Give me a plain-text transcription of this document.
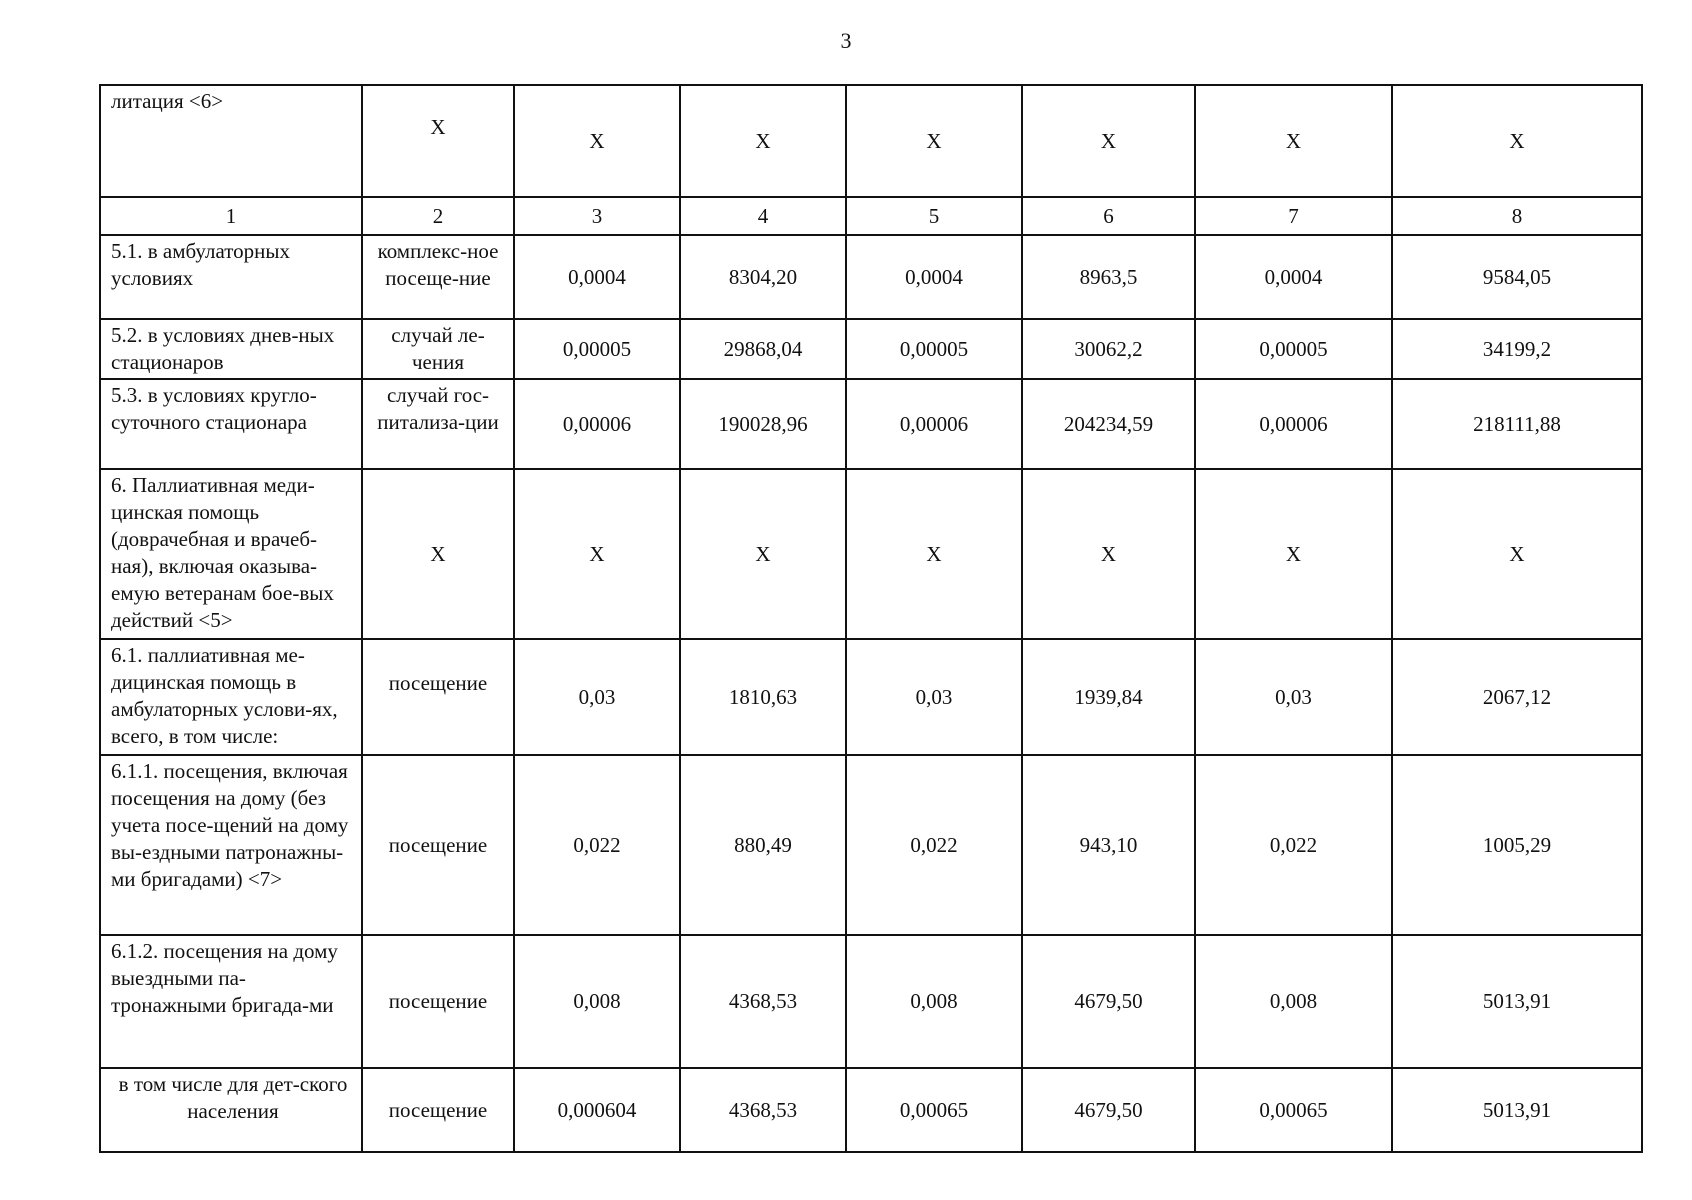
3
литация <6>	X	X	X	X	X	X	X
1	2	3	4	5	6	7	8
5.1. в амбулаторных условиях	комплекс-ное посеще-ние	0,0004	8304,20	0,0004	8963,5	0,0004	9584,05
5.2. в условиях днев-ных стационаров	случай ле-чения	0,00005	29868,04	0,00005	30062,2	0,00005	34199,2
5.3. в условиях кругло-суточного стационара	случай гос-питализа-ции	0,00006	190028,96	0,00006	204234,59	0,00006	218111,88
6. Паллиативная меди-цинская помощь (доврачебная и врачеб-ная), включая оказыва-емую ветеранам бое-вых действий <5>	X	X	X	X	X	X	X
6.1. паллиативная ме-дицинская помощь в амбулаторных услови-ях, всего, в том числе:	посещение	0,03	1810,63	0,03	1939,84	0,03	2067,12
6.1.1. посещения, включая посещения на дому (без учета посе-щений на дому вы-ездными патронажны-ми бригадами) <7>	посещение	0,022	880,49	0,022	943,10	0,022	1005,29
6.1.2. посещения на дому выездными па-тронажными бригада-ми	посещение	0,008	4368,53	0,008	4679,50	0,008	5013,91
в том числе для дет-ского населения	посещение	0,000604	4368,53	0,00065	4679,50	0,00065	5013,91
